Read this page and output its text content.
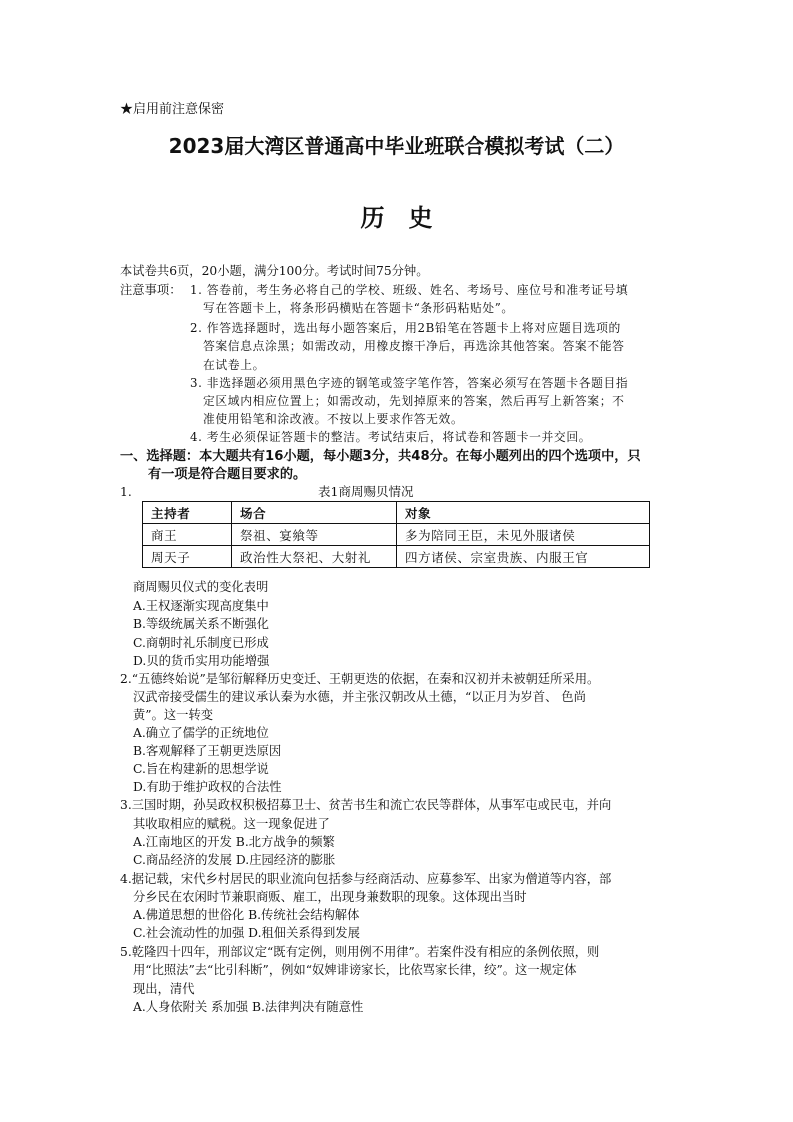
★启用前注意保密
2023届大湾区普通高中毕业班联合模拟考试（二）
历史
本试卷共6页，20小题，满分100分。考试时间75分钟。
注意事项： 1. 答卷前，考生务必将自己的学校、班级、姓名、考场号、座位号和准考证号填
写在答题卡上，将条形码横贴在答题卡“条形码粘贴处”。
2. 作答选择题时，选出每小题答案后，用2B铅笔在答题卡上将对应题目选项的
答案信息点涂黑；如需改动，用橡皮擦干净后，再选涂其他答案。答案不能答
在试卷上。
3. 非选择题必须用黑色字迹的钢笔或签字笔作答，答案必须写在答题卡各题目指
定区域内相应位置上；如需改动，先划掉原来的答案，然后再写上新答案；不
准使用铅笔和涂改液。不按以上要求作答无效。
4. 考生必须保证答题卡的整洁。考试结束后，将试卷和答题卡一并交回。
一、选择题：本大题共有16小题，每小题3分，共48分。在每小题列出的四个选项中，只
有一项是符合题目要求的。
1.	表1商周赐贝情况
主持者	场合	对象
商王	祭祖、宴飨等	多为陪同王臣，未见外服诸侯
周天子	政治性大祭祀、大射礼	四方诸侯、宗室贵族、内服王官
商周赐贝仪式的变化表明
A.王权逐渐实现高度集中
B.等级统属关系不断强化
C.商朝时礼乐制度已形成
D.贝的货币实用功能增强
2.“五德终始说”是邹衍解释历史变迁、王朝更迭的依据，在秦和汉初并未被朝廷所采用。
汉武帝接受儒生的建议承认秦为水德，并主张汉朝改从土德，“以正月为岁首、 色尚
黄”。这一转变
A.确立了儒学的正统地位
B.客观解释了王朝更迭原因
C.旨在构建新的思想学说
D.有助于维护政权的合法性
3.三国时期，孙吴政权积极招募卫士、贫苦书生和流亡农民等群体，从事军屯或民屯，并向
其收取相应的赋税。这一现象促进了
A.江南地区的开发 B.北方战争的频繁
C.商品经济的发展 D.庄园经济的膨胀
4.据记载，宋代乡村居民的职业流向包括参与经商活动、应募参军、出家为僧道等内容，部
分乡民在农闲时节兼职商贩、雇工，出现身兼数职的现象。这体现出当时
A.佛道思想的世俗化 B.传统社会结构解体
C.社会流动性的加强 D.租佃关系得到发展
5.乾隆四十四年，刑部议定“既有定例，则用例不用律”。若案件没有相应的条例依照，则
用“比照法”去“比引科断”，例如“奴婢诽谤家长，比依骂家长律，绞”。这一规定体
现出，清代
A.人身依附关 系加强 B.法律判决有随意性
